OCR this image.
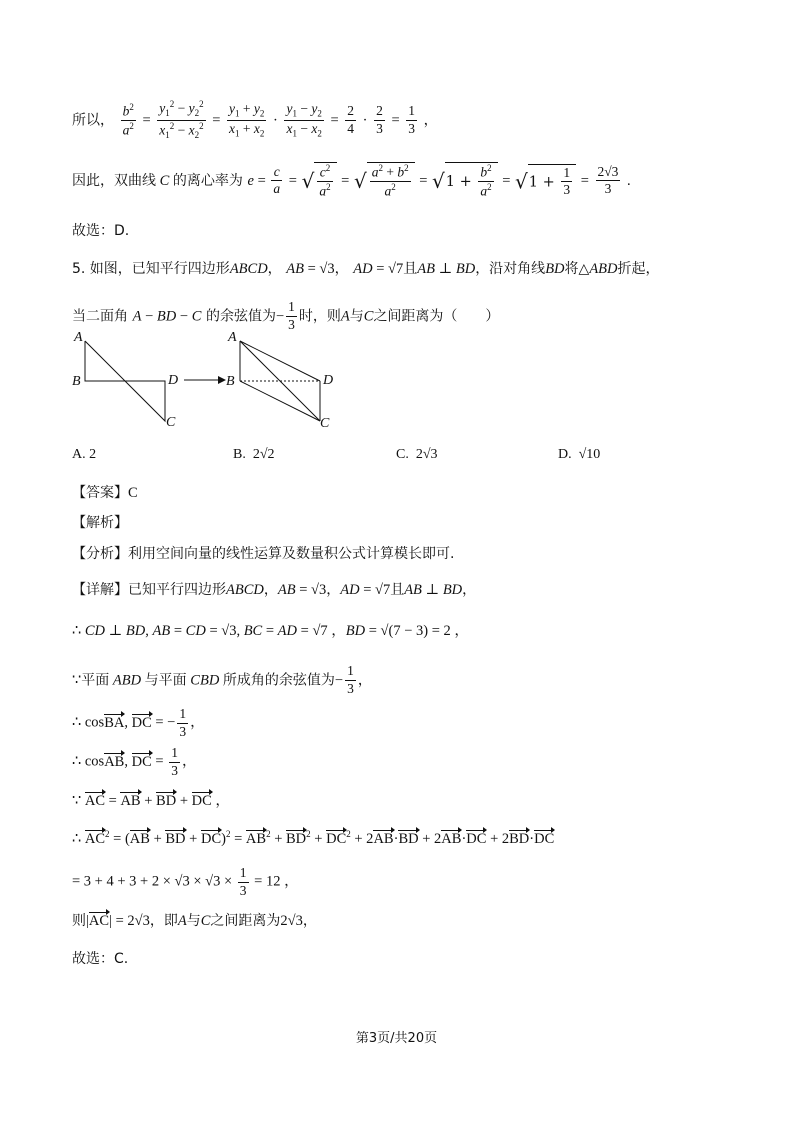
所以， $\frac{b^2}{a^2} = \frac{y_1^2 - y_2^2}{x_1^2 - x_2^2} = \frac{y_1 + y_2}{x_1 + x_2} \cdot \frac{y_1 - y_2}{x_1 - x_2} = \frac{2}{4} \cdot \frac{2}{3} = \frac{1}{3}$ ，
因此，双曲线 C 的离心率为 $e = \frac{c}{a}$ = √ $\frac{c^2}{a^2}$ = √ $\frac{a^2 + b^2}{a^2} = √1 + \frac{b^2}{a^2} = √1 + \frac{1}{3} = \frac{2√3}{3}$ .
故选：D.
5. 如图，已知平行四边形ABCD， AB = √3， AD = √7且AB ⊥ BD，沿对角线BD将△ABD折起，
当二面角 A − BD − C 的余弦值为− $\frac{1}{3}$ 时，则A与C之间距离为（　　）
A
B	D
C
A
B	D
C
A. 2	B. 2√2	C. 2√3	D. √10
【答案】C
【解析】
【分析】利用空间向量的线性运算及数量积公式计算模长即可.
【详解】已知平行四边形ABCD，AB = √3，AD = √7且AB ⊥ BD，
∴ CD ⊥ BD, AB = CD = √3, BC = AD = √7 ，BD = √(7 − 3) = 2 ，
∵平面 ABD 与平面 CBD 所成角的余弦值为− $\frac{1}{3}$ ，
∴ cosBA, DC = − $\frac{1}{3}$ ，
∴ cosAB, DC = $\frac{1}{3}$ ，
∵ AC = AB + BD + DC ，
∴ $AC^2 = (AB$ + BD + $DC)^2 = AB^2 + BD^2 + DC^2 + 2AB\cdot BD + 2AB\cdot DC + 2BD\cdot DC$
= $3 + 4 + 3 + 2 \times √3 \times √3 \times \frac{1}{3} = 12$ ，
则|AC| = 2√3，即A与C之间距离为2√3，
故选：C.
第3页/共20页
